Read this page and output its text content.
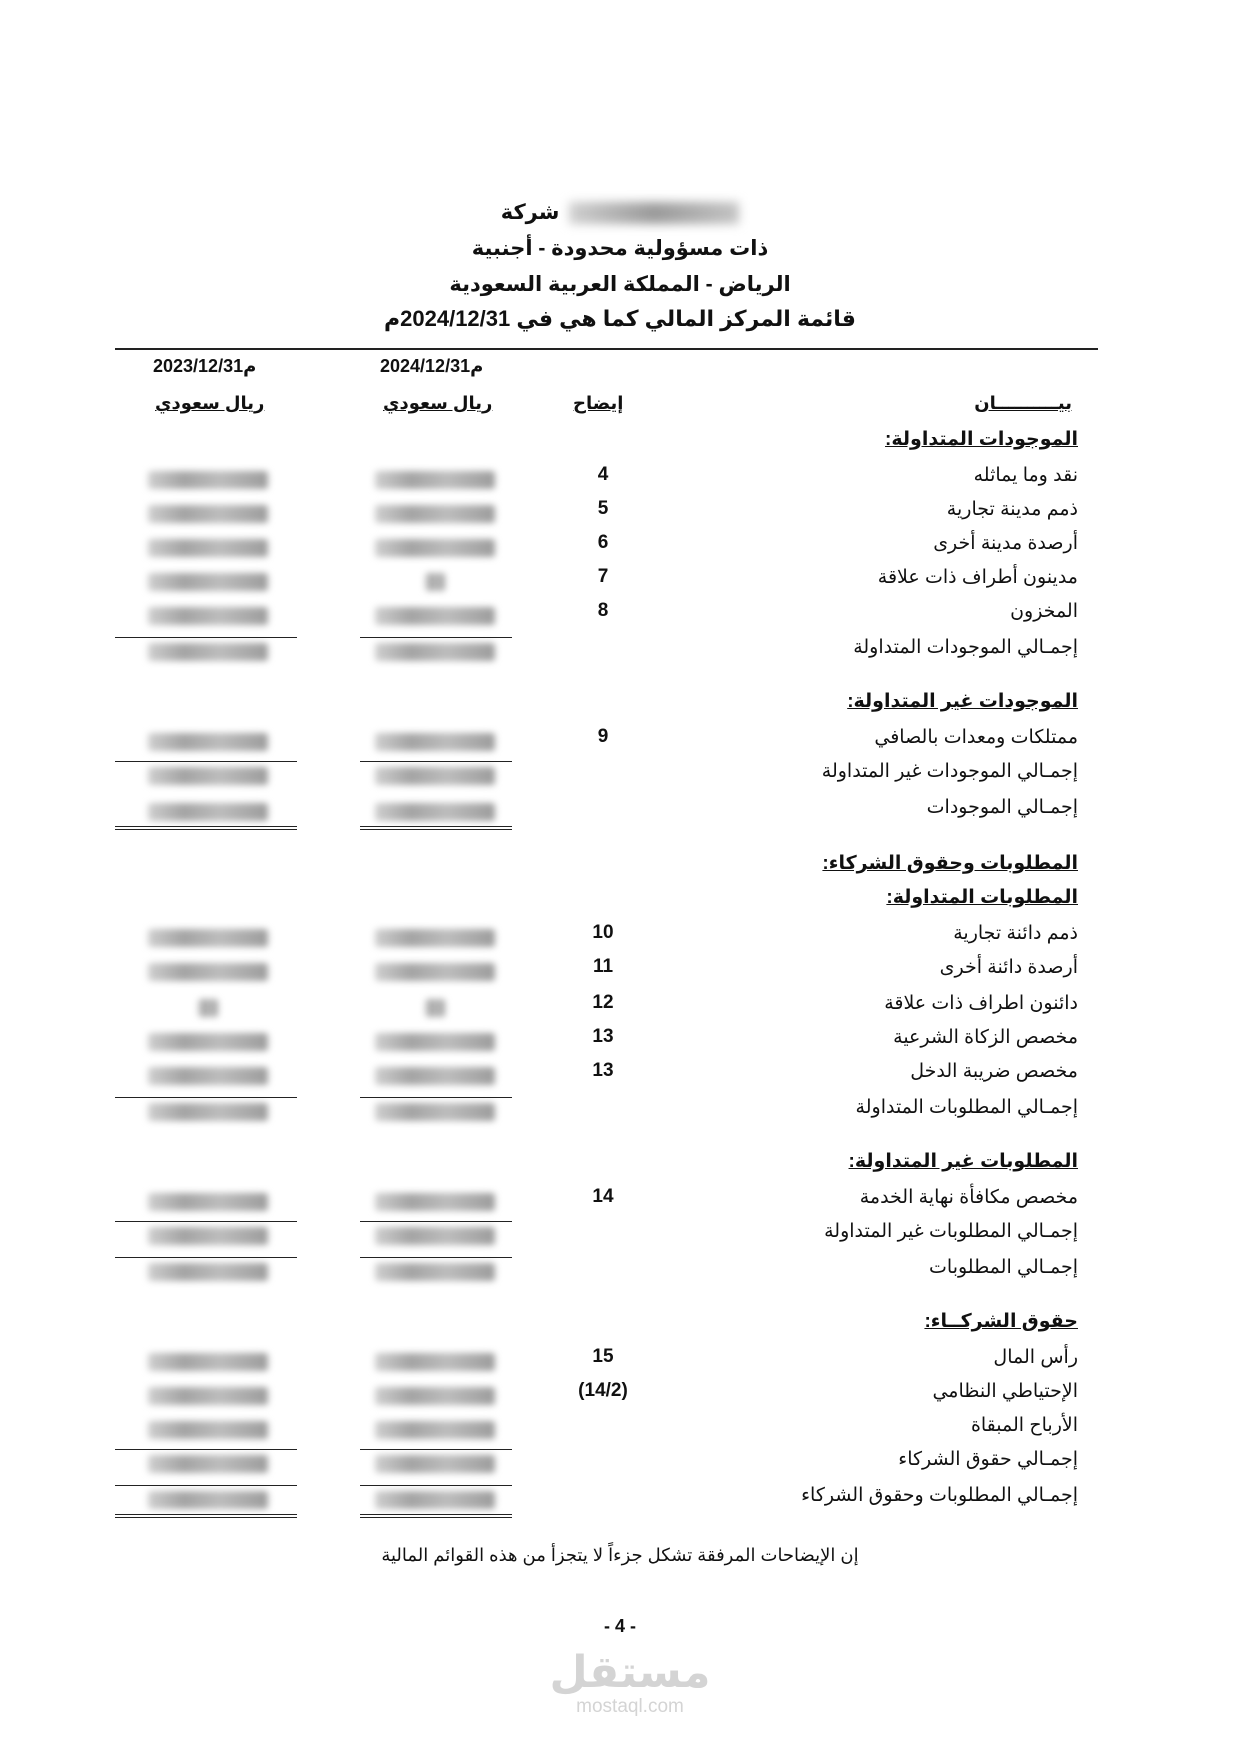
شركة
ذات مسؤولية محدودة - أجنبية
الرياض - المملكة العربية السعودية
قائمة المركز المالي كما هي في 2024/12/31م
2024/12/31م
2023/12/31م
ريال سعودي
ريال سعودي	إيضاح	بيــــــــــان
الموجودات المتداولة:
نقد وما يماثله
4
ذمم مدينة تجارية
5
أرصدة مدينة أخرى
6
مدينون أطراف ذات علاقة
7
المخزون
8
إجمـالي الموجودات المتداولة
الموجودات غير المتداولة:
ممتلكات ومعدات بالصافي
9
إجمـالي الموجودات غير المتداولة
إجمـالي الموجودات
المطلوبات وحقوق الشركاء:
المطلوبات المتداولة:
ذمم دائنة تجارية
10
أرصدة دائنة أخرى
11
دائنون اطراف ذات علاقة
12
مخصص الزكاة الشرعية
13
مخصص ضريبة الدخل
13
إجمـالي المطلوبات المتداولة
المطلوبات غير المتداولة:
مخصص مكافأة نهاية الخدمة
14
إجمـالي المطلوبات غير المتداولة
إجمـالي المطلوبات
حقوق الشركــاء:
رأس المال
15
الإحتياطي النظامي
(14/2)
الأرباح المبقاة
إجمـالي حقوق الشركاء
إجمـالي المطلوبات وحقوق الشركاء
إن الإيضاحات المرفقة تشكل جزءاً لا يتجزأ من هذه القوائم المالية
- 4 -
مستقل
mostaql.com
